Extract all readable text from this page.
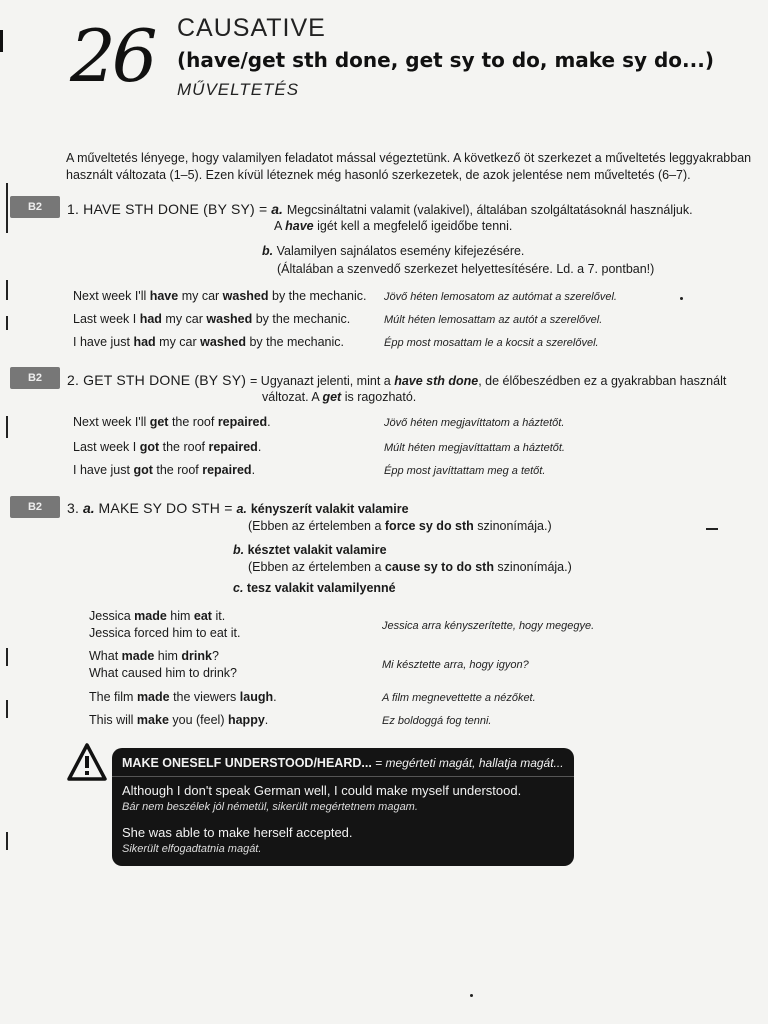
26 CAUSATIVE
(have/get sth done, get sy to do, make sy do...)
MŰVELTETÉS
A műveltetés lényege, hogy valamilyen feladatot mással végeztetünk. A következő öt szerkezet a műveltetés leggyakrabban használt változata (1–5). Ezen kívül léteznek még hasonló szerkezetek, de azok jelentése nem műveltetés (6–7).
B2	1. HAVE STH DONE (BY SY) = a. Megcsináltatni valamit (valakivel), általában szolgáltatásoknál használjuk.
A have igét kell a megfelelő igeidőbe tenni.
b. Valamilyen sajnálatos esemény kifejezésére.
(Általában a szenvedő szerkezet helyettesítésére. Ld. a 7. pontban!)
Next week I'll have my car washed by the mechanic. Jövő héten lemosatom az autómat a szerelővel.
Last week I had my car washed by the mechanic.	Múlt héten lemosattam az autót a szerelővel.
I have just had my car washed by the mechanic.	Épp most mosattam le a kocsit a szerelővel.
B2	2. GET STH DONE (BY SY) = Ugyanazt jelenti, mint a have sth done, de élőbeszédben ez a gyakrabban használt
változat. A get is ragozható.
Next week I'll get the roof repaired.	Jövő héten megjavíttatom a háztetőt.
Last week I got the roof repaired.	Múlt héten megjavíttattam a háztetőt.
I have just got the roof repaired.	Épp most javíttattam meg a tetőt.
B2	3. a. MAKE SY DO STH = a. kényszerít valakit valamire
(Ebben az értelemben a force sy do sth szinonímája.)
b. késztet valakit valamire
(Ebben az értelemben a cause sy to do sth szinonímája.)
c. tesz valakit valamilyenné
Jessica made him eat it.
Jessica forced him to eat it.	Jessica arra kényszerítette, hogy megegye.
What made him drink?
What caused him to drink?
Mi késztette arra, hogy igyon?
The film made the viewers laugh.	A film megnevettette a nézőket.
This will make you (feel) happy.	Ez boldoggá fog tenni.
MAKE ONESELF UNDERSTOOD/HEARD... = megérteti magát, hallatja magát...
Although I don't speak German well, I could make myself understood.
Bár nem beszélek jól németül, sikerült megértetnem magam.
She was able to make herself accepted.
Sikerült elfogadtatnia magát.
